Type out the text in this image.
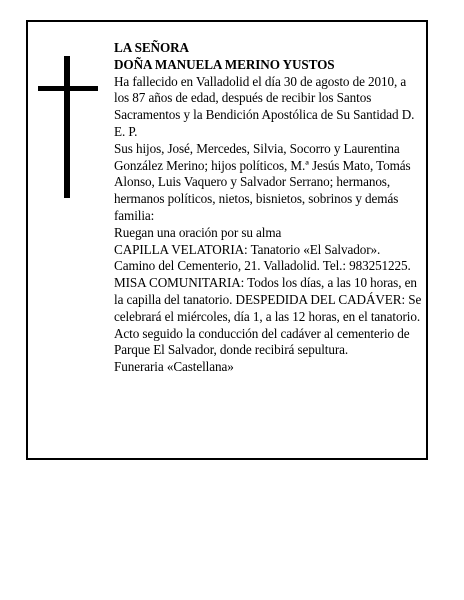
LA SEÑORA

DOÑA MANUELA MERINO YUSTOS

Ha fallecido en Valladolid el día 30 de agosto de 2010, a los 87 años de edad, después de recibir los Santos Sacramentos y la Bendición Apostólica de Su Santidad D. E. P.

Sus hijos, José, Mercedes, Silvia, Socorro y Laurentina González Merino; hijos políticos, M.ª Jesús Mato, Tomás Alonso, Luis Vaquero y Salvador Serrano; hermanos, hermanos políticos, nietos, bisnietos, sobrinos y demás familia:

Ruegan una oración por su alma

CAPILLA VELATORIA: Tanatorio «El Salvador». Camino del Cementerio, 21. Valladolid. Tel.: 983251225.

MISA COMUNITARIA: Todos los días, a las 10 horas, en la capilla del tanatorio. DESPEDIDA DEL CADÁVER: Se celebrará el miércoles, día 1, a las 12 horas, en el tanatorio. Acto seguido la conducción del cadáver al cementerio de Parque El Salvador, donde recibirá sepultura.

Funeraria «Castellana»
